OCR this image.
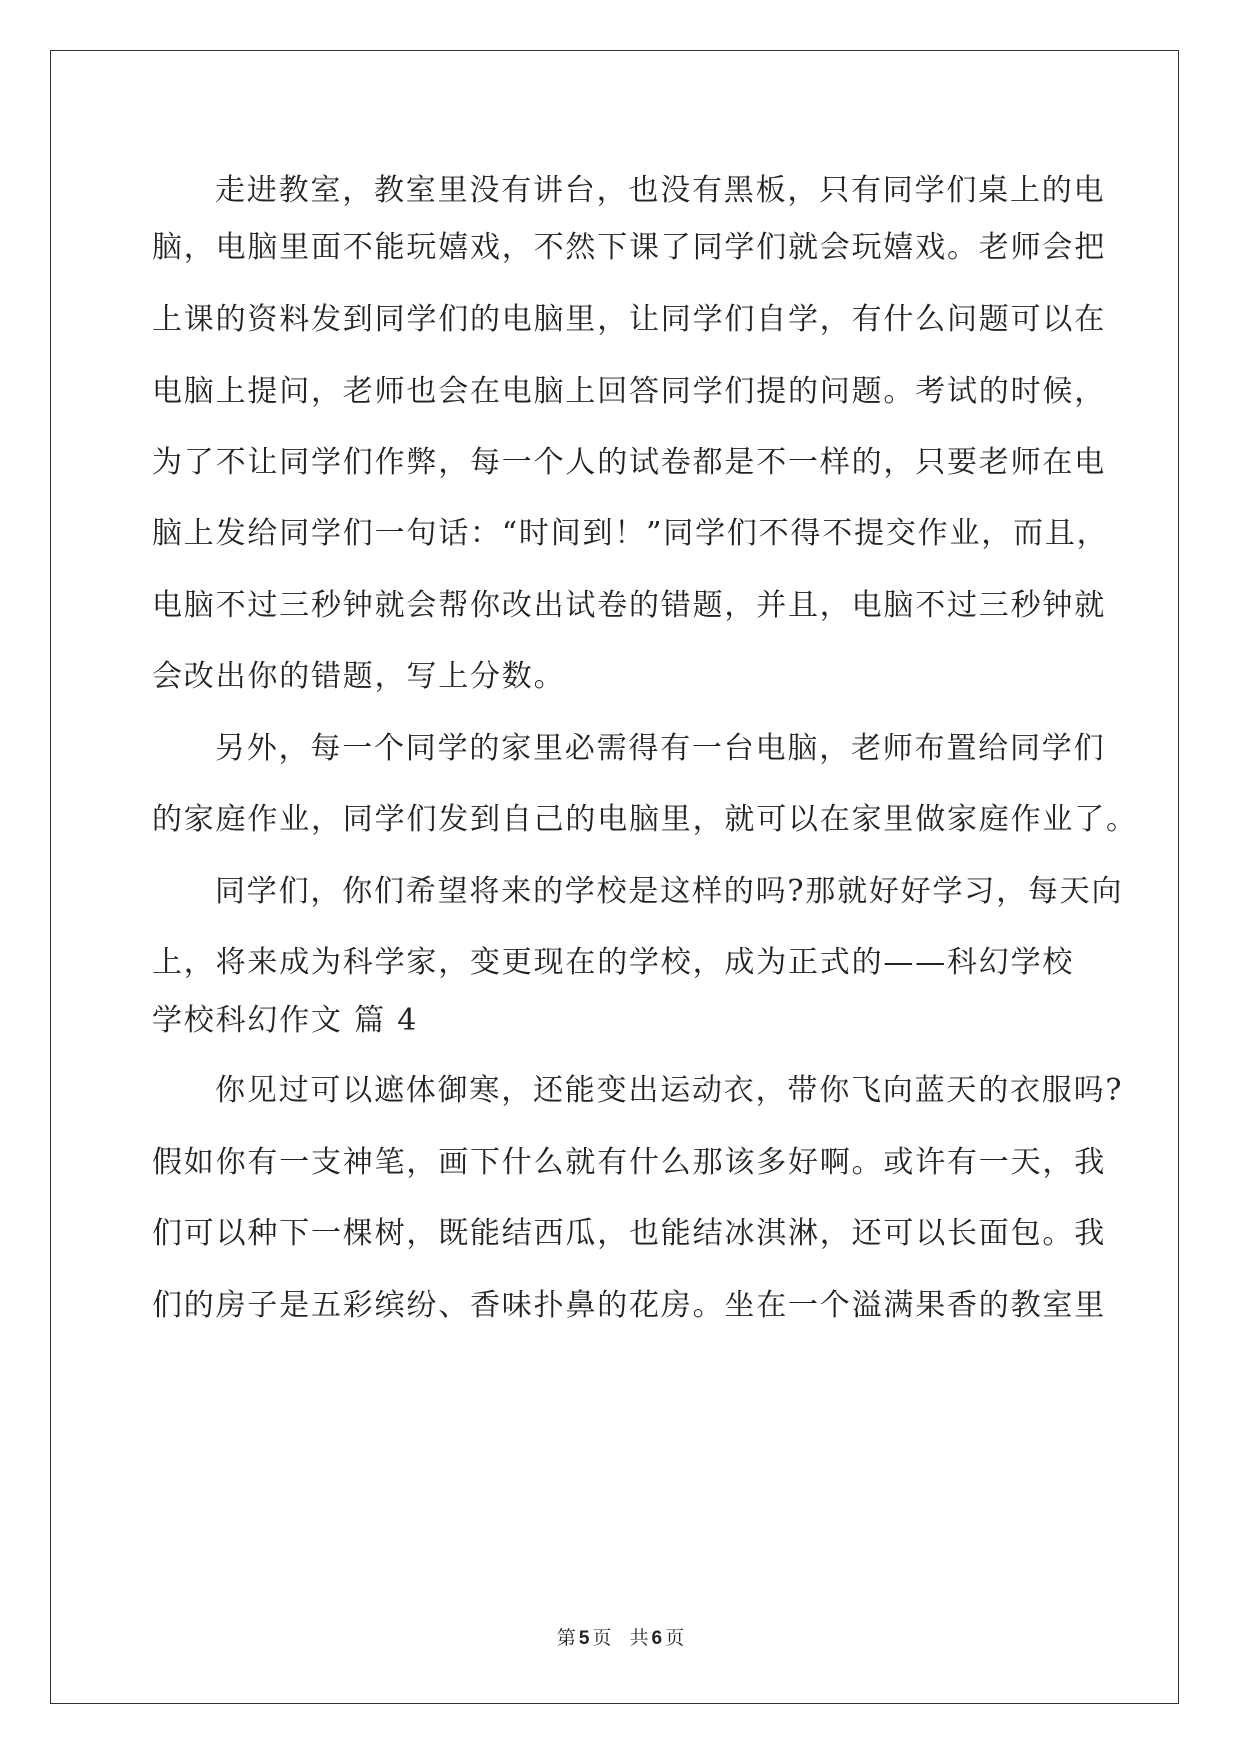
走进教室，教室里没有讲台，也没有黑板，只有同学们桌上的电
脑，电脑里面不能玩嬉戏，不然下课了同学们就会玩嬉戏。老师会把
上课的资料发到同学们的电脑里，让同学们自学，有什么问题可以在
电脑上提问，老师也会在电脑上回答同学们提的问题。考试的时候，
为了不让同学们作弊，每一个人的试卷都是不一样的，只要老师在电
脑上发给同学们一句话：“时间到！”同学们不得不提交作业，而且，
电脑不过三秒钟就会帮你改出试卷的错题，并且，电脑不过三秒钟就
会改出你的错题，写上分数。
另外，每一个同学的家里必需得有一台电脑，老师布置给同学们
的家庭作业，同学们发到自己的电脑里，就可以在家里做家庭作业了。
同学们，你们希望将来的学校是这样的吗?那就好好学习，每天向
上，将来成为科学家，变更现在的学校，成为正式的——科幻学校
学校科幻作文 篇 4
你见过可以遮体御寒，还能变出运动衣，带你飞向蓝天的衣服吗?
假如你有一支神笔，画下什么就有什么那该多好啊。或许有一天，我
们可以种下一棵树，既能结西瓜，也能结冰淇淋，还可以长面包。我
们的房子是五彩缤纷、香味扑鼻的花房。坐在一个溢满果香的教室里
第 5 页 共 6 页
